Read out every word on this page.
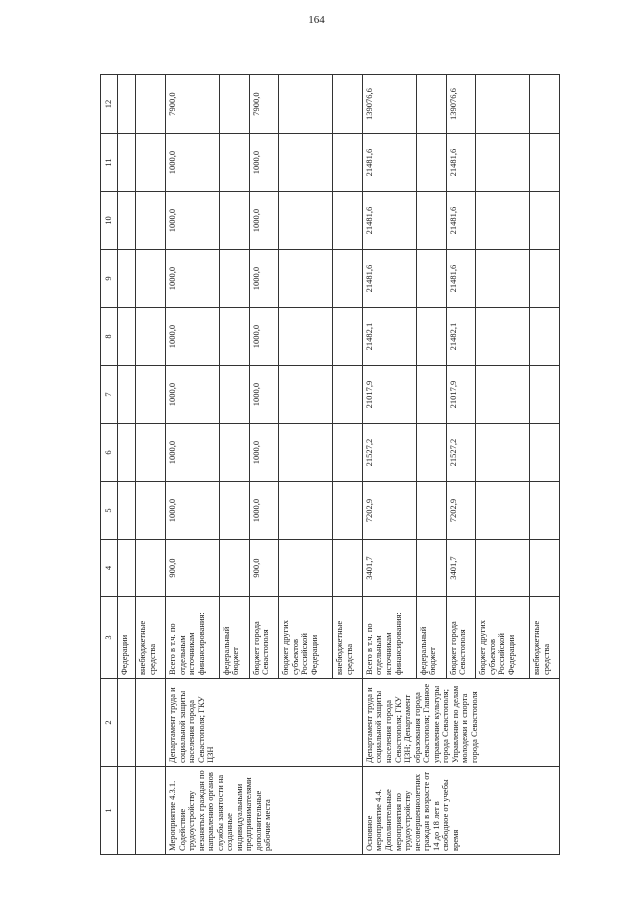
164
1	2	3	4	5	6	7	8	9	10	11	12
		Федерации									
		внебюджетные средства									
Мероприятие 4.3.1. Содействие трудоустройству незанятых граждан по направлению органов службы занятости на созданные индивидуальными предпринимателями дополнительные рабочие места	Департамент труда и социальной защиты населения города Севастополя; ГКУ ЦЗН	Всего в т.ч. по отдельным источникам финансирования:	900,0	1000,0	1000,0	1000,0	1000,0	1000,0	1000,0	1000,0	7900,0
		федеральный бюджет									
		бюджет города Севастополя	900,0	1000,0	1000,0	1000,0	1000,0	1000,0	1000,0	1000,0	7900,0
		бюджет других субъектов Российской Федерации									
		внебюджетные средства									
Основное мероприятие 4.4. Дополнительные мероприятия по трудоустройству несовершеннолетних граждан в возрасте от 14 до 18 лет в свободное от учебы время	Департамент труда и социальной защиты населения города Севастополя; ГКУ ЦЗН; Департамент образования города Севастополя; Главное управление культуры города Севастополя; Управление по делам молодежи и спорта города Севастополя	Всего в т.ч. по отдельным источникам финансирования:	3401,7	7202,9	21527,2	21017,9	21482,1	21481,6	21481,6	21481,6	139076,6
		федеральный бюджет									
		бюджет города Севастополя	3401,7	7202,9	21527,2	21017,9	21482,1	21481,6	21481,6	21481,6	139076,6
		бюджет других субъектов Российской Федерации									
		внебюджетные средства									
